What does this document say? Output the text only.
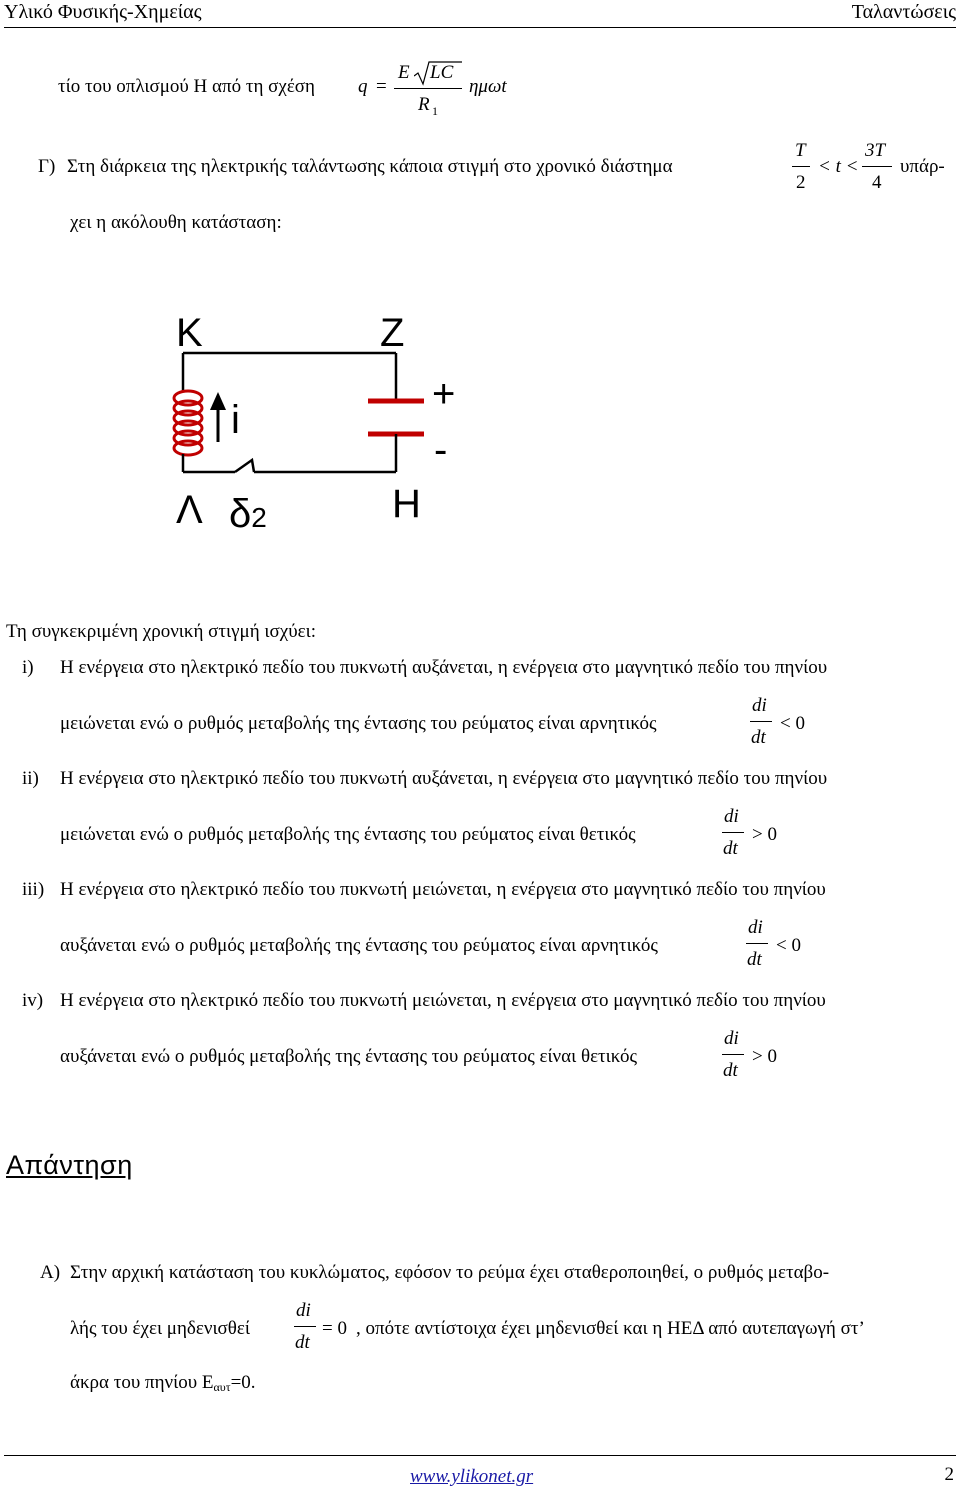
Υλικό Φυσικής-Χημείας	Ταλαντώσεις
τίο του οπλισμού Η από τη σχέση q =
E LC
R 1
ημωt
Γ) Στη διάρκεια της ηλεκτρικής ταλάντωσης κάποια στιγμή στο χρονικό διάστημα
T
2
< t <
3T
4
υπάρ-
χει η ακόλουθη κατάσταση:
Κ	Ζ
Λ δ2	Η
i
+
-
Τη συγκεκριμένη χρονική στιγμή ισχύει:
i) Η ενέργεια στο ηλεκτρικό πεδίο του πυκνωτή αυξάνεται, η ενέργεια στο μαγνητικό πεδίο του πηνίου
μειώνεται ενώ ο ρυθμός μεταβολής της έντασης του ρεύματος είναι αρνητικός
di
dt
< 0
ii) Η ενέργεια στο ηλεκτρικό πεδίο του πυκνωτή αυξάνεται, η ενέργεια στο μαγνητικό πεδίο του πηνίου
μειώνεται ενώ ο ρυθμός μεταβολής της έντασης του ρεύματος είναι θετικός
di
dt
> 0
iii) Η ενέργεια στο ηλεκτρικό πεδίο του πυκνωτή μειώνεται, η ενέργεια στο μαγνητικό πεδίο του πηνίου
αυξάνεται ενώ ο ρυθμός μεταβολής της έντασης του ρεύματος είναι αρνητικός
di
dt
< 0
iv) Η ενέργεια στο ηλεκτρικό πεδίο του πυκνωτή μειώνεται, η ενέργεια στο μαγνητικό πεδίο του πηνίου
αυξάνεται ενώ ο ρυθμός μεταβολής της έντασης του ρεύματος είναι θετικός
di
dt
> 0
Απάντηση
Α) Στην αρχική κατάσταση του κυκλώματος, εφόσον το ρεύμα έχει σταθεροποιηθεί, ο ρυθμός μεταβο-
λής του έχει μηδενισθεί
di
dt
= 0 , οπότε αντίστοιχα έχει μηδενισθεί και η ΗΕΔ από αυτεπαγωγή στ’
άκρα του πηνίου Εαυτ=0.
www.ylikonet.gr	2
